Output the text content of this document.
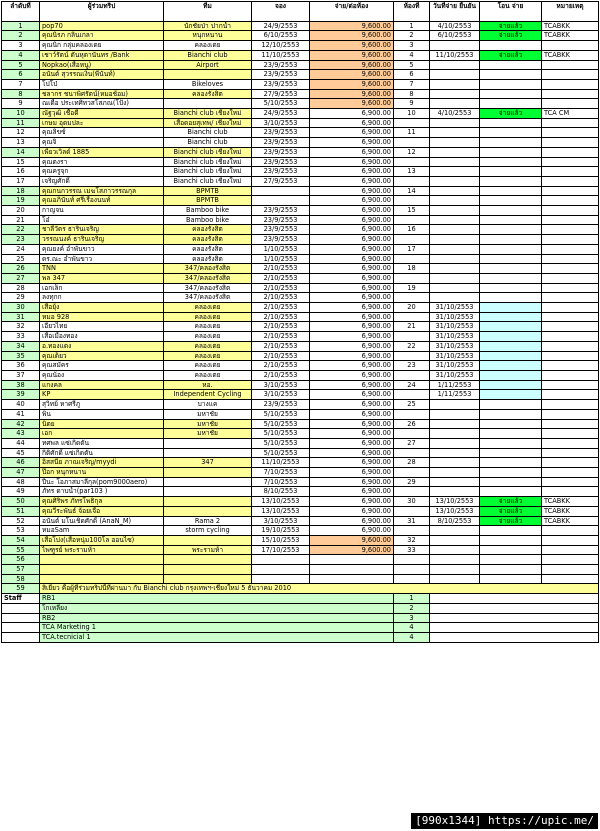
ลำดับที่	ผู้ร่วมทริป	ทีม	จอง	จ่าย/ต่อห้อง	ห้องที่	วันที่จ่าย ยืนยัน	โอน จ่าย	หมายเหตุ
1	pop70	นักชัยป่า ปากน้ำ	24/9/2553	9,600.00	1	4/10/2553	จ่ายแล้ว	TCABKK
2	คุณนิรภ กลิ่นเกลา	หนุกหนาน	6/10/2553	9,600.00	2	6/10/2553	จ่ายแล้ว	TCABKK
3	คุณนิก กลุ่มคลองเตย	คลองเตย	12/10/2553	9,600.00	3			
4	เชาว์รัตน์ ตันหุตานันทร /Bank	Bianchi club	11/10/2553	9,600.00	4	11/10/2553	จ่ายแล้ว	TCABKK
5	Nopkao(เสือหนู)	Airport	23/9/2553	9,600.00	5			
6	อนันต์ สุวรรณเงิน(พี่นันท์)		23/9/2553	9,600.00	6			
7	โปโป่	Bikeloves	23/9/2553	9,600.00	7			
8	ชลากร ชนาพิศรัตน์(หมอช้อม)	คลองรังสิต	27/9/2553	9,600.00	8			
9	ณเดือ ประเทศิทวสโสภณ(โป้ง)		5/10/2553	9,600.00	9			
10	ณัฐวุฒิ เชื้อดี	Bianchi club เชียงใหม่	24/9/2553	6,900.00	10	4/10/2553	จ่ายแล้ว	TCA CM
11	เกษม อุดมปละ	เสือดอยสุเทพ/ เชียงใหม่	3/10/2553	6,900.00				
12	คุณลิขซ์	Bianchi club	23/9/2553	6,900.00	11			
13	คุณจิ	Bianchi club	23/9/2553	6,900.00				
14	เพียวเวิลด์ 1885	Bianchi club เชียงใหม่	23/9/2553	6,900.00	12			
15	คุณตงรา	Bianchi club เชียงใหม่	23/9/2553	6,900.00				
16	คุณครูจุก	Bianchi club เชียงใหม่	23/9/2553	6,900.00	13			
17	เจริญศักดิ์	Bianchi club เชียงใหม่	27/9/2553	6,900.00				
18	คุณกนกวรรณ เมฆโสภาวรรณกุล	BPMTB		6,900.00	14			
19	คุณอภินันท์ ศรีเรืองนนท์	BPMTB		6,900.00				
20	กาญจน	Bamboo bike	23/9/2553	6,900.00	15			
21	โอ๋	Bamboo bike	23/9/2553	6,900.00				
22	ชาลีวัตร ธารินเจริญ	คลองรังสิต	23/9/2553	6,900.00	16			
23	วรรณนงค์ ธารินเจริญ	คลองรังสิต	23/9/2553	6,900.00				
24	คุณยงค์ อำพันขาว	คลองรังสิต	1/10/2553	6,900.00	17			
25	ดร.ณะ อำพันขาว	คลองรังสิต	1/10/2553	6,900.00				
26	TNN	347/คลองรังสิต	2/10/2553	6,900.00	18			
27	พล 347	347/คลองรังสิต	2/10/2553	6,900.00				
28	เอกเล็ก	347/คลองรังสิต	2/10/2553	6,900.00	19			
29	ลงทุกก	347/คลองรังสิต	2/10/2553	6,900.00				
30	เสือยุ้ง	คลองเตย	2/10/2553	6,900.00	20	31/10/2553		
31	หมอ 928	คลองเตย	2/10/2553	6,900.00		31/10/2553		
32	เอียวไทย	คลองเตย	2/10/2553	6,900.00	21	31/10/2553		
33	เสือเมืองทอง	คลองเตย	2/10/2553	6,900.00		31/10/2553		
34	อ.ทองแดง	คลองเตย	2/10/2553	6,900.00	22	31/10/2553		
35	คุณเด็ยว	คลองเตย	2/10/2553	6,900.00		31/10/2553		
36	คุณสมัคร	คลองเตย	2/10/2553	6,900.00	23	31/10/2553		
37	คุณน้อง	คลองเตย	2/10/2553	6,900.00		31/10/2553		
38	แกงคล	หอ.	3/10/2553	6,900.00	24	1/11/2553		
39	KP	Independent Cycling	3/10/2553	6,900.00		1/11/2553		
40	สุวิทย์ หาศรีภู	บางแค	23/9/2553	6,900.00	25			
41	พิน	มหาชัย	5/10/2553	6,900.00				
42	นิตย	มหาชัย	5/10/2553	6,900.00	26			
43	เอก	มหาชัย	5/10/2553	6,900.00				
44	ทศพล แซ่เกิดตัน		5/10/2553	6,900.00	27			
45	กิติศักดิ์ แซ่เกิดตัน		5/10/2553	6,900.00				
46	อิสสนีย ภาณเจริญ/myydi	347	11/10/2553	6,900.00	28			
47	ป๊อก หนุกหนาน		7/10/2553	6,900.00				
48	ปีนะ โอภาสมาลีกุล(pom9000aero)		7/10/2553	6,900.00	29			
49	ภัทร ดาบน้ำ(par103 )		8/10/2553	6,900.00				
50	คุณศิริพร ภัทรโพธิกุล		13/10/2553	6,900.00	30	13/10/2553	จ่ายแล้ว	TCABKK
51	คุณวีระพันธ์ จ้อยเจือ		13/10/2553	6,900.00		13/10/2553	จ่ายแล้ว	TCABKK
52	อนันต์ มโนเชิดศักดิ์ (AnaN_M)	Rama 2	3/10/2553	6,900.00	31	8/10/2553	จ่ายแล้ว	TCABKK
53	หมอSam	storm cycling	19/10/2553	6,900.00				
54	เสือโบ่ง(เสือหนุ่ม100โล ออนไซ)		15/10/2553	9,600.00	32			
55	ไพฑูรย์ พระรามห้า	พระรามห้า	17/10/2553	9,600.00	33			
56								
57								
58								
59	สิเยียว คือผู้ที่ร่วมทริปนี้ที่ผ่านมา กับ Bianchi club กรุงเทพฯ-เชียงใหม่ 5 ธันวาคม 2010							
Staff	RB1				1			
	โกเหลี่ยง				2			
	RB2				3			
	TCA Marketing 1				4			
	TCA.tecnicial 1				4			
[990x1344] https://upic.me/
